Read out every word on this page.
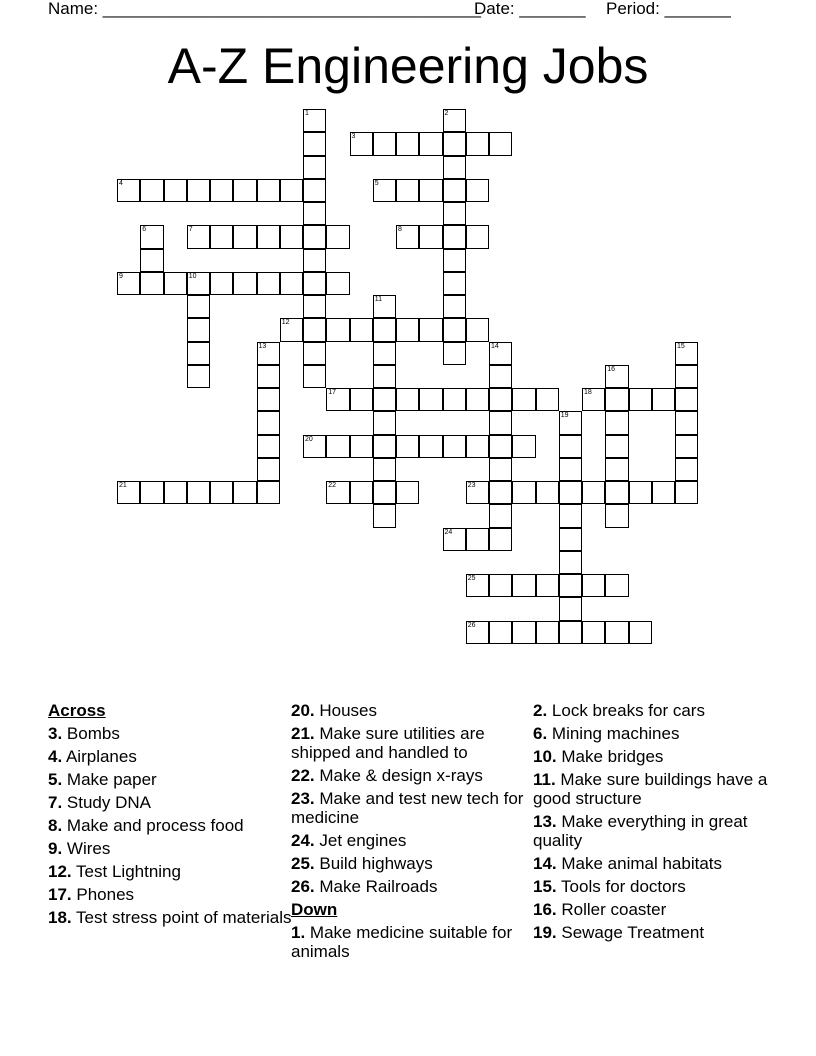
Name: ________________________________________
Date: _______ Period: _______
A-Z Engineering Jobs
1	2
3
4	5
6	7	8
9	10
11
12
13	14	15
16
17	18
19
20
21	22	23
24
25
26
Across
3. Bombs
4. Airplanes
5. Make paper
7. Study DNA
8. Make and process food
9. Wires
12. Test Lightning
17. Phones
18. Test stress point of materials
20. Houses
21. Make sure utilities are shipped and handled to
22. Make & design x-rays
23. Make and test new tech for medicine
24. Jet engines
25. Build highways
26. Make Railroads
Down
1. Make medicine suitable for animals
2. Lock breaks for cars
6. Mining machines
10. Make bridges
11. Make sure buildings have a good structure
13. Make everything in great quality
14. Make animal habitats
15. Tools for doctors
16. Roller coaster
19. Sewage Treatment
